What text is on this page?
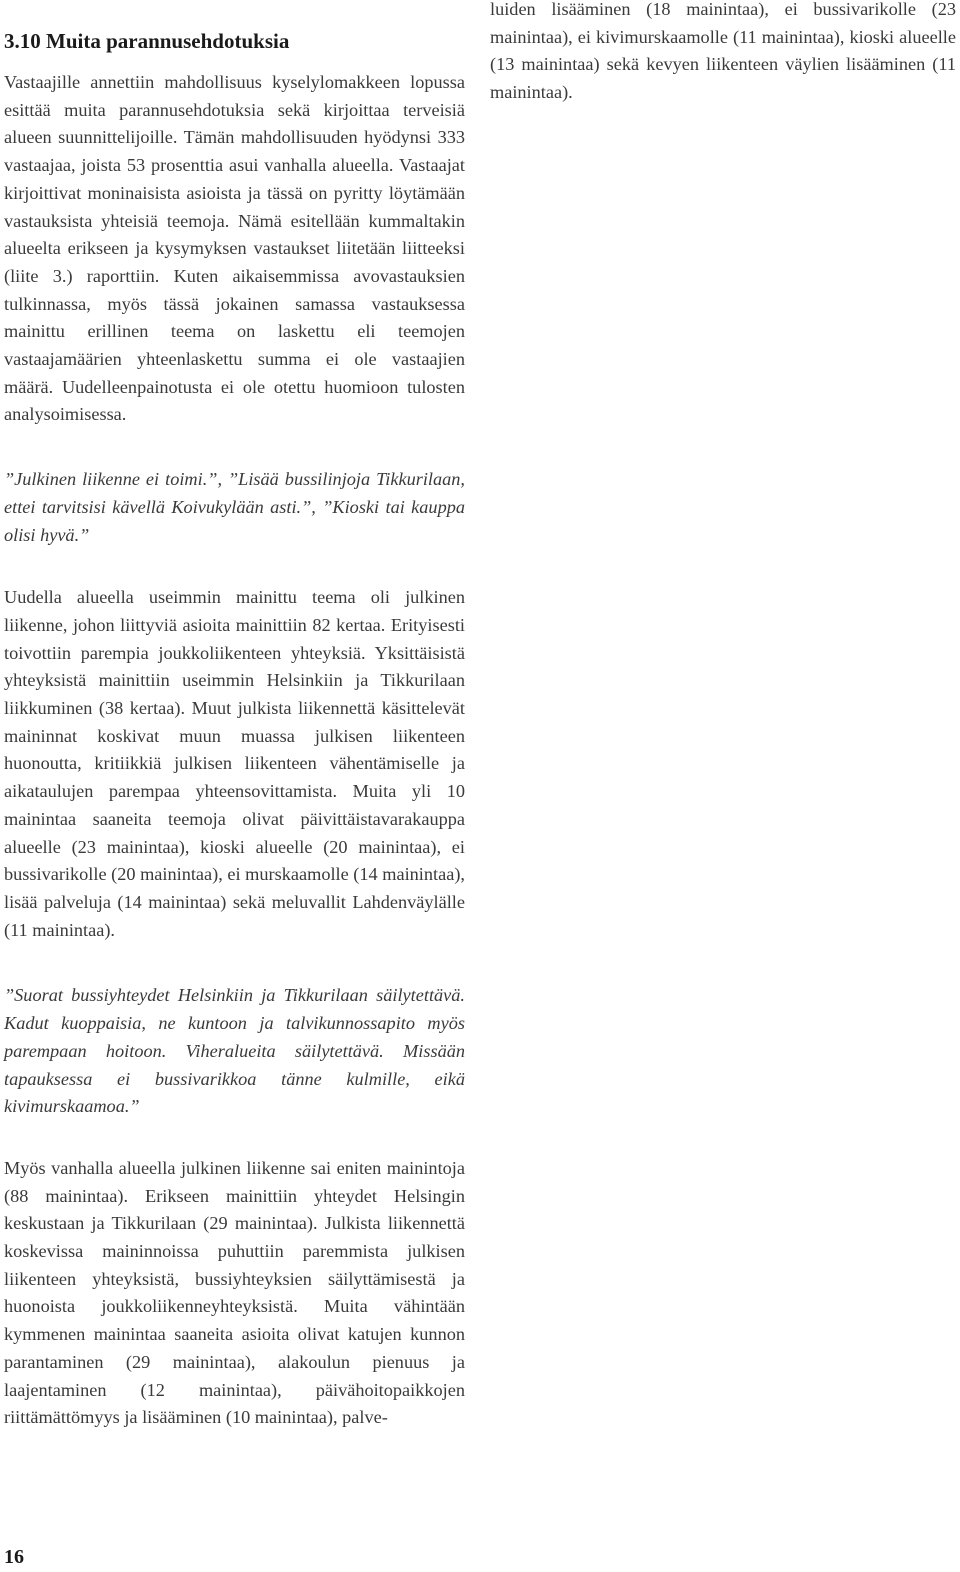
3.10 Muita parannusehdotuksia

Vastaajille annettiin mahdollisuus kyselylomakkeen lopussa esittää muita parannusehdotuksia sekä kirjoittaa terveisiä alueen suunnittelijoille. Tämän mahdollisuuden hyödynsi 333 vastaajaa, joista 53 prosenttia asui vanhalla alueella. Vastaajat kirjoittivat moninaisista asioista ja tässä on pyritty löytämään vastauksista yhteisiä teemoja. Nämä esitellään kummaltakin alueelta erikseen ja kysymyksen vastaukset liitetään liitteeksi (liite 3.) raporttiin. Kuten aikaisemmissa avovastauksien tulkinnassa, myös tässä jokainen samassa vastauksessa mainittu erillinen teema on laskettu eli teemojen vastaajamäärien yhteenlaskettu summa ei ole vastaajien määrä. Uudelleenpainotusta ei ole otettu huomioon tulosten analysoimisessa.

”Julkinen liikenne ei toimi.”, ”Lisää bussilinjoja Tikkurilaan, ettei tarvitsisi kävellä Koivukylään asti.”, ”Kioski tai kauppa olisi hyvä.”

Uudella alueella useimmin mainittu teema oli julkinen liikenne, johon liittyviä asioita mainittiin 82 kertaa. Erityisesti toivottiin parempia joukkoliikenteen yhteyksiä. Yksittäisistä yhteyksistä mainittiin useimmin Helsinkiin ja Tikkurilaan liikkuminen (38 kertaa). Muut julkista liikennettä käsittelevät maininnat koskivat muun muassa julkisen liikenteen huonoutta, kritiikkiä julkisen liikenteen vähentämiselle ja aikataulujen parempaa yhteensovittamista. Muita yli 10 mainintaa saaneita teemoja olivat päivittäistavarakauppa alueelle (23 mainintaa), kioski alueelle (20 mainintaa), ei bussivarikolle (20 mainintaa), ei murskaamolle (14 mainintaa), lisää palveluja (14 mainintaa) sekä meluvallit Lahdenväylälle (11 mainintaa).

”Suorat bussiyhteydet Helsinkiin ja Tikkurilaan säilytettävä. Kadut kuoppaisia, ne kuntoon ja talvikunnossapito myös parempaan hoitoon. Viheralueita säilytettävä. Missään tapauksessa ei bussivarikkoa tänne kulmille, eikä kivimurskaamoa.”

Myös vanhalla alueella julkinen liikenne sai eniten mainintoja (88 mainintaa). Erikseen mainittiin yhteydet Helsingin keskustaan ja Tikkurilaan (29 mainintaa). Julkista liikennettä koskevissa maininnoissa puhuttiin paremmista julkisen liikenteen yhteyksistä, bussiyhteyksien säilyttämisestä ja huonoista joukkoliikenneyhteyksistä. Muita vähintään kymmenen mainintaa saaneita asioita olivat katujen kunnon parantaminen (29 mainintaa), alakoulun pienuus ja laajentaminen (12 mainintaa), päivähoitopaikkojen riittämättömyys ja lisääminen (10 mainintaa), palve-

luiden lisääminen (18 mainintaa), ei bussivarikolle (23 mainintaa), ei kivimurskaamolle (11 mainintaa), kioski alueelle (13 mainintaa) sekä kevyen liikenteen väylien lisääminen (11 mainintaa).

16
